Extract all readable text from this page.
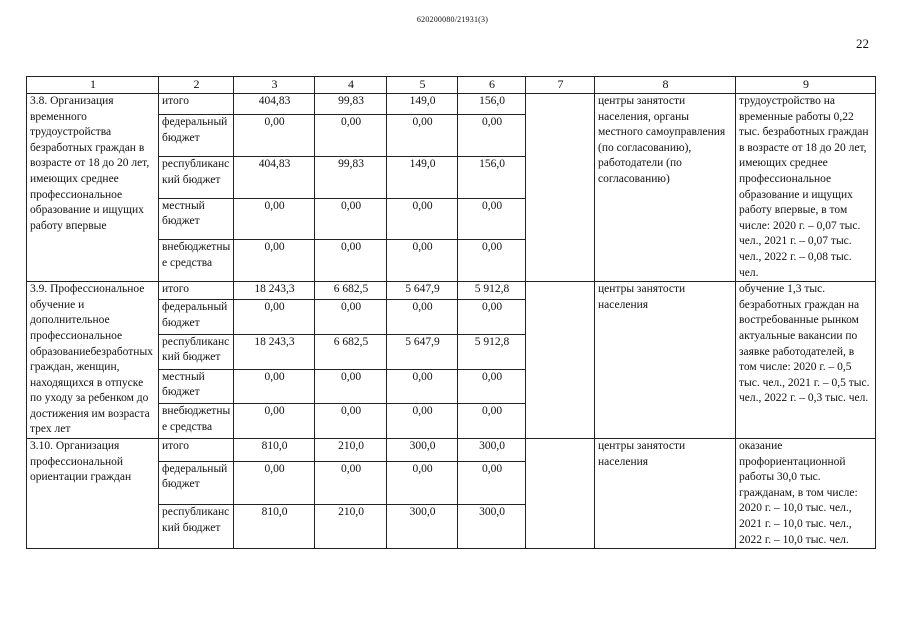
620200080/21931(3)
22
1	2	3	4	5	6	7	8	9
3.8. Организация временного трудоустройства безработных граждан в возрасте от 18 до 20 лет, имеющих среднее профессиональное образование и ищущих работу впервые	итого	404,83	99,83	149,0	156,0		центры занятости населения, органы местного самоуправления (по согласованию), работодатели (по согласованию)	трудоустройство на временные работы 0,22 тыс. безработных граждан в возрасте от 18 до 20 лет, имеющих среднее профессиональное образование и ищущих работу впервые, в том числе: 2020 г. – 0,07 тыс. чел., 2021 г. – 0,07 тыс. чел., 2022 г. – 0,08 тыс. чел.
	федеральный бюджет	0,00	0,00	0,00	0,00			
	республиканский бюджет	404,83	99,83	149,0	156,0			
	местный бюджет	0,00	0,00	0,00	0,00			
	внебюджетные средства	0,00	0,00	0,00	0,00			
3.9. Профессиональное обучение и дополнительное профессиональное образованиебезработных граждан, женщин, находящихся в отпуске по уходу за ребенком до достижения им возраста трех лет	итого	18 243,3	6 682,5	5 647,9	5 912,8		центры занятости населения	обучение 1,3 тыс. безработных граждан на востребованные рынком актуальные вакансии по заявке работодателей, в том числе: 2020 г. – 0,5 тыс. чел., 2021 г. – 0,5 тыс. чел., 2022 г. – 0,3 тыс. чел.
	федеральный бюджет	0,00	0,00	0,00	0,00			
	республиканский бюджет	18 243,3	6 682,5	5 647,9	5 912,8			
	местный бюджет	0,00	0,00	0,00	0,00			
	внебюджетные средства	0,00	0,00	0,00	0,00			
3.10. Организация профессиональной ориентации граждан	итого	810,0	210,0	300,0	300,0		центры занятости населения	оказание профориентационной работы 30,0 тыс. гражданам, в том числе: 2020 г. – 10,0 тыс. чел., 2021 г. – 10,0 тыс. чел., 2022 г. – 10,0 тыс. чел.
	федеральный бюджет	0,00	0,00	0,00	0,00			
	республиканский бюджет	810,0	210,0	300,0	300,0			
